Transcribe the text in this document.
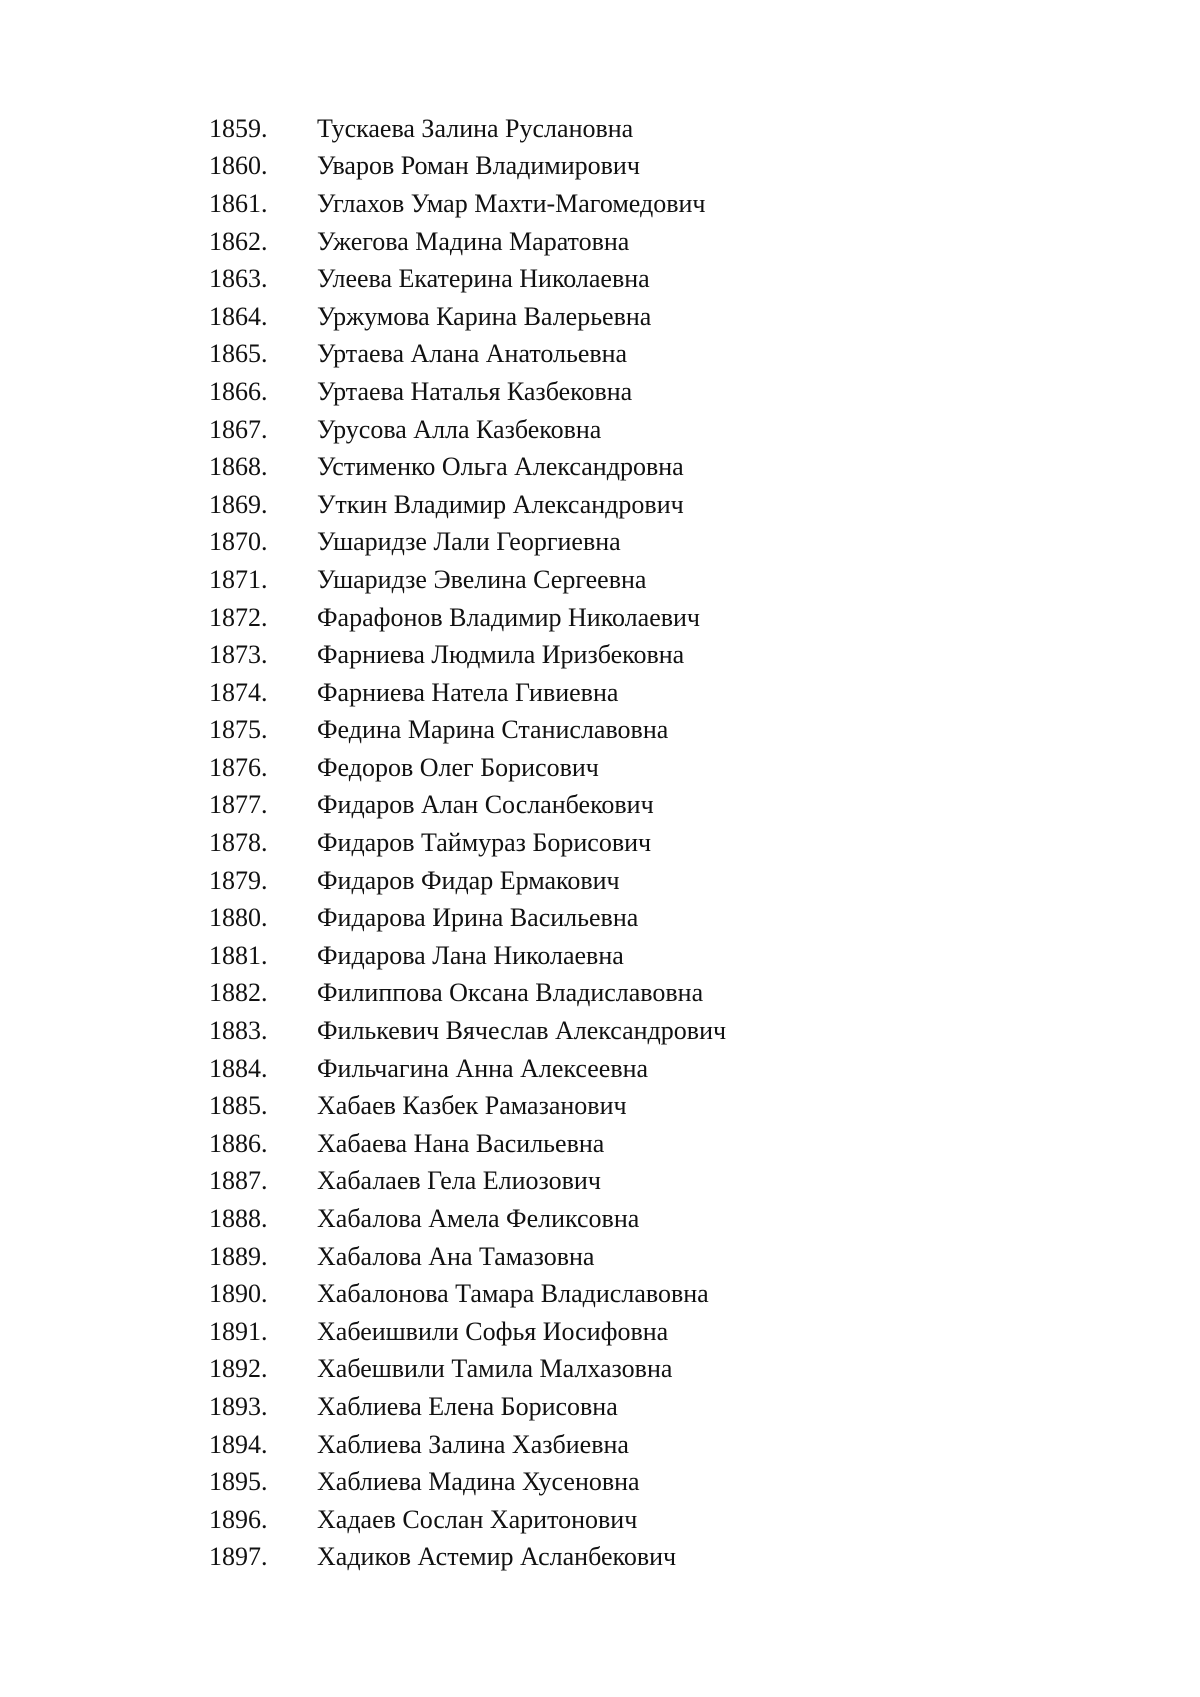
1859.	Тускаева Залина Руслановна
1860.	Уваров Роман Владимирович
1861.	Углахов Умар Махти-Магомедович
1862.	Ужегова Мадина Маратовна
1863.	Улеева Екатерина Николаевна
1864.	Уржумова Карина Валерьевна
1865.	Уртаева Алана Анатольевна
1866.	Уртаева Наталья Казбековна
1867.	Урусова Алла Казбековна
1868.	Устименко Ольга Александровна
1869.	Уткин Владимир Александрович
1870.	Ушаридзе Лали Георгиевна
1871.	Ушаридзе Эвелина Сергеевна
1872.	Фарафонов Владимир Николаевич
1873.	Фарниева Людмила Иризбековна
1874.	Фарниева Натела Гивиевна
1875.	Федина Марина Станиславовна
1876.	Федоров Олег Борисович
1877.	Фидаров Алан Сосланбекович
1878.	Фидаров Таймураз Борисович
1879.	Фидаров Фидар Ермакович
1880.	Фидарова Ирина Васильевна
1881.	Фидарова Лана Николаевна
1882.	Филиппова Оксана Владиславовна
1883.	Филькевич Вячеслав Александрович
1884.	Фильчагина Анна Алексеевна
1885.	Хабаев Казбек Рамазанович
1886.	Хабаева Нана Васильевна
1887.	Хабалаев Гела Елиозович
1888.	Хабалова Амела Феликсовна
1889.	Хабалова Ана Тамазовна
1890.	Хабалонова Тамара Владиславовна
1891.	Хабеишвили Софья Иосифовна
1892.	Хабешвили Тамила Малхазовна
1893.	Хаблиева Елена Борисовна
1894.	Хаблиева Залина Хазбиевна
1895.	Хаблиева Мадина Хусеновна
1896.	Хадаев Сослан Харитонович
1897.	Хадиков Астемир Асланбекович
